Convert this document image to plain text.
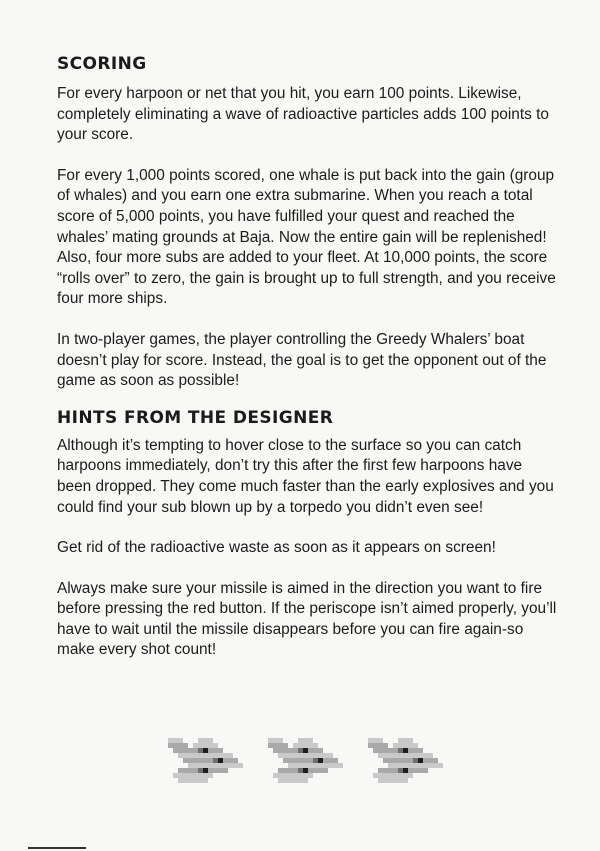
SCORING

For every harpoon or net that you hit, you earn 100 points. Likewise, completely eliminating a wave of radioactive particles adds 100 points to your score.

For every 1,000 points scored, one whale is put back into the gain (group of whales) and you earn one extra submarine. When you reach a total score of 5,000 points, you have fulfilled your quest and reached the whales’ mating grounds at Baja. Now the entire gain will be replenished! Also, four more subs are added to your fleet. At 10,000 points, the score “rolls over” to zero, the gain is brought up to full strength, and you receive four more ships.

In two-player games, the player controlling the Greedy Whalers’ boat doesn’t play for score. Instead, the goal is to get the opponent out of the game as soon as possible!

HINTS FROM THE DESIGNER

Although it’s tempting to hover close to the surface so you can catch harpoons immediately, don’t try this after the first few harpoons have been dropped. They come much faster than the early explosives and you could find your sub blown up by a torpedo you didn’t even see!

Get rid of the radioactive waste as soon as it appears on screen!

Always make sure your missile is aimed in the direction you want to fire before pressing the red button. If the periscope isn’t aimed properly, you’ll have to wait until the missile disappears before you can fire again-so make every shot count!
